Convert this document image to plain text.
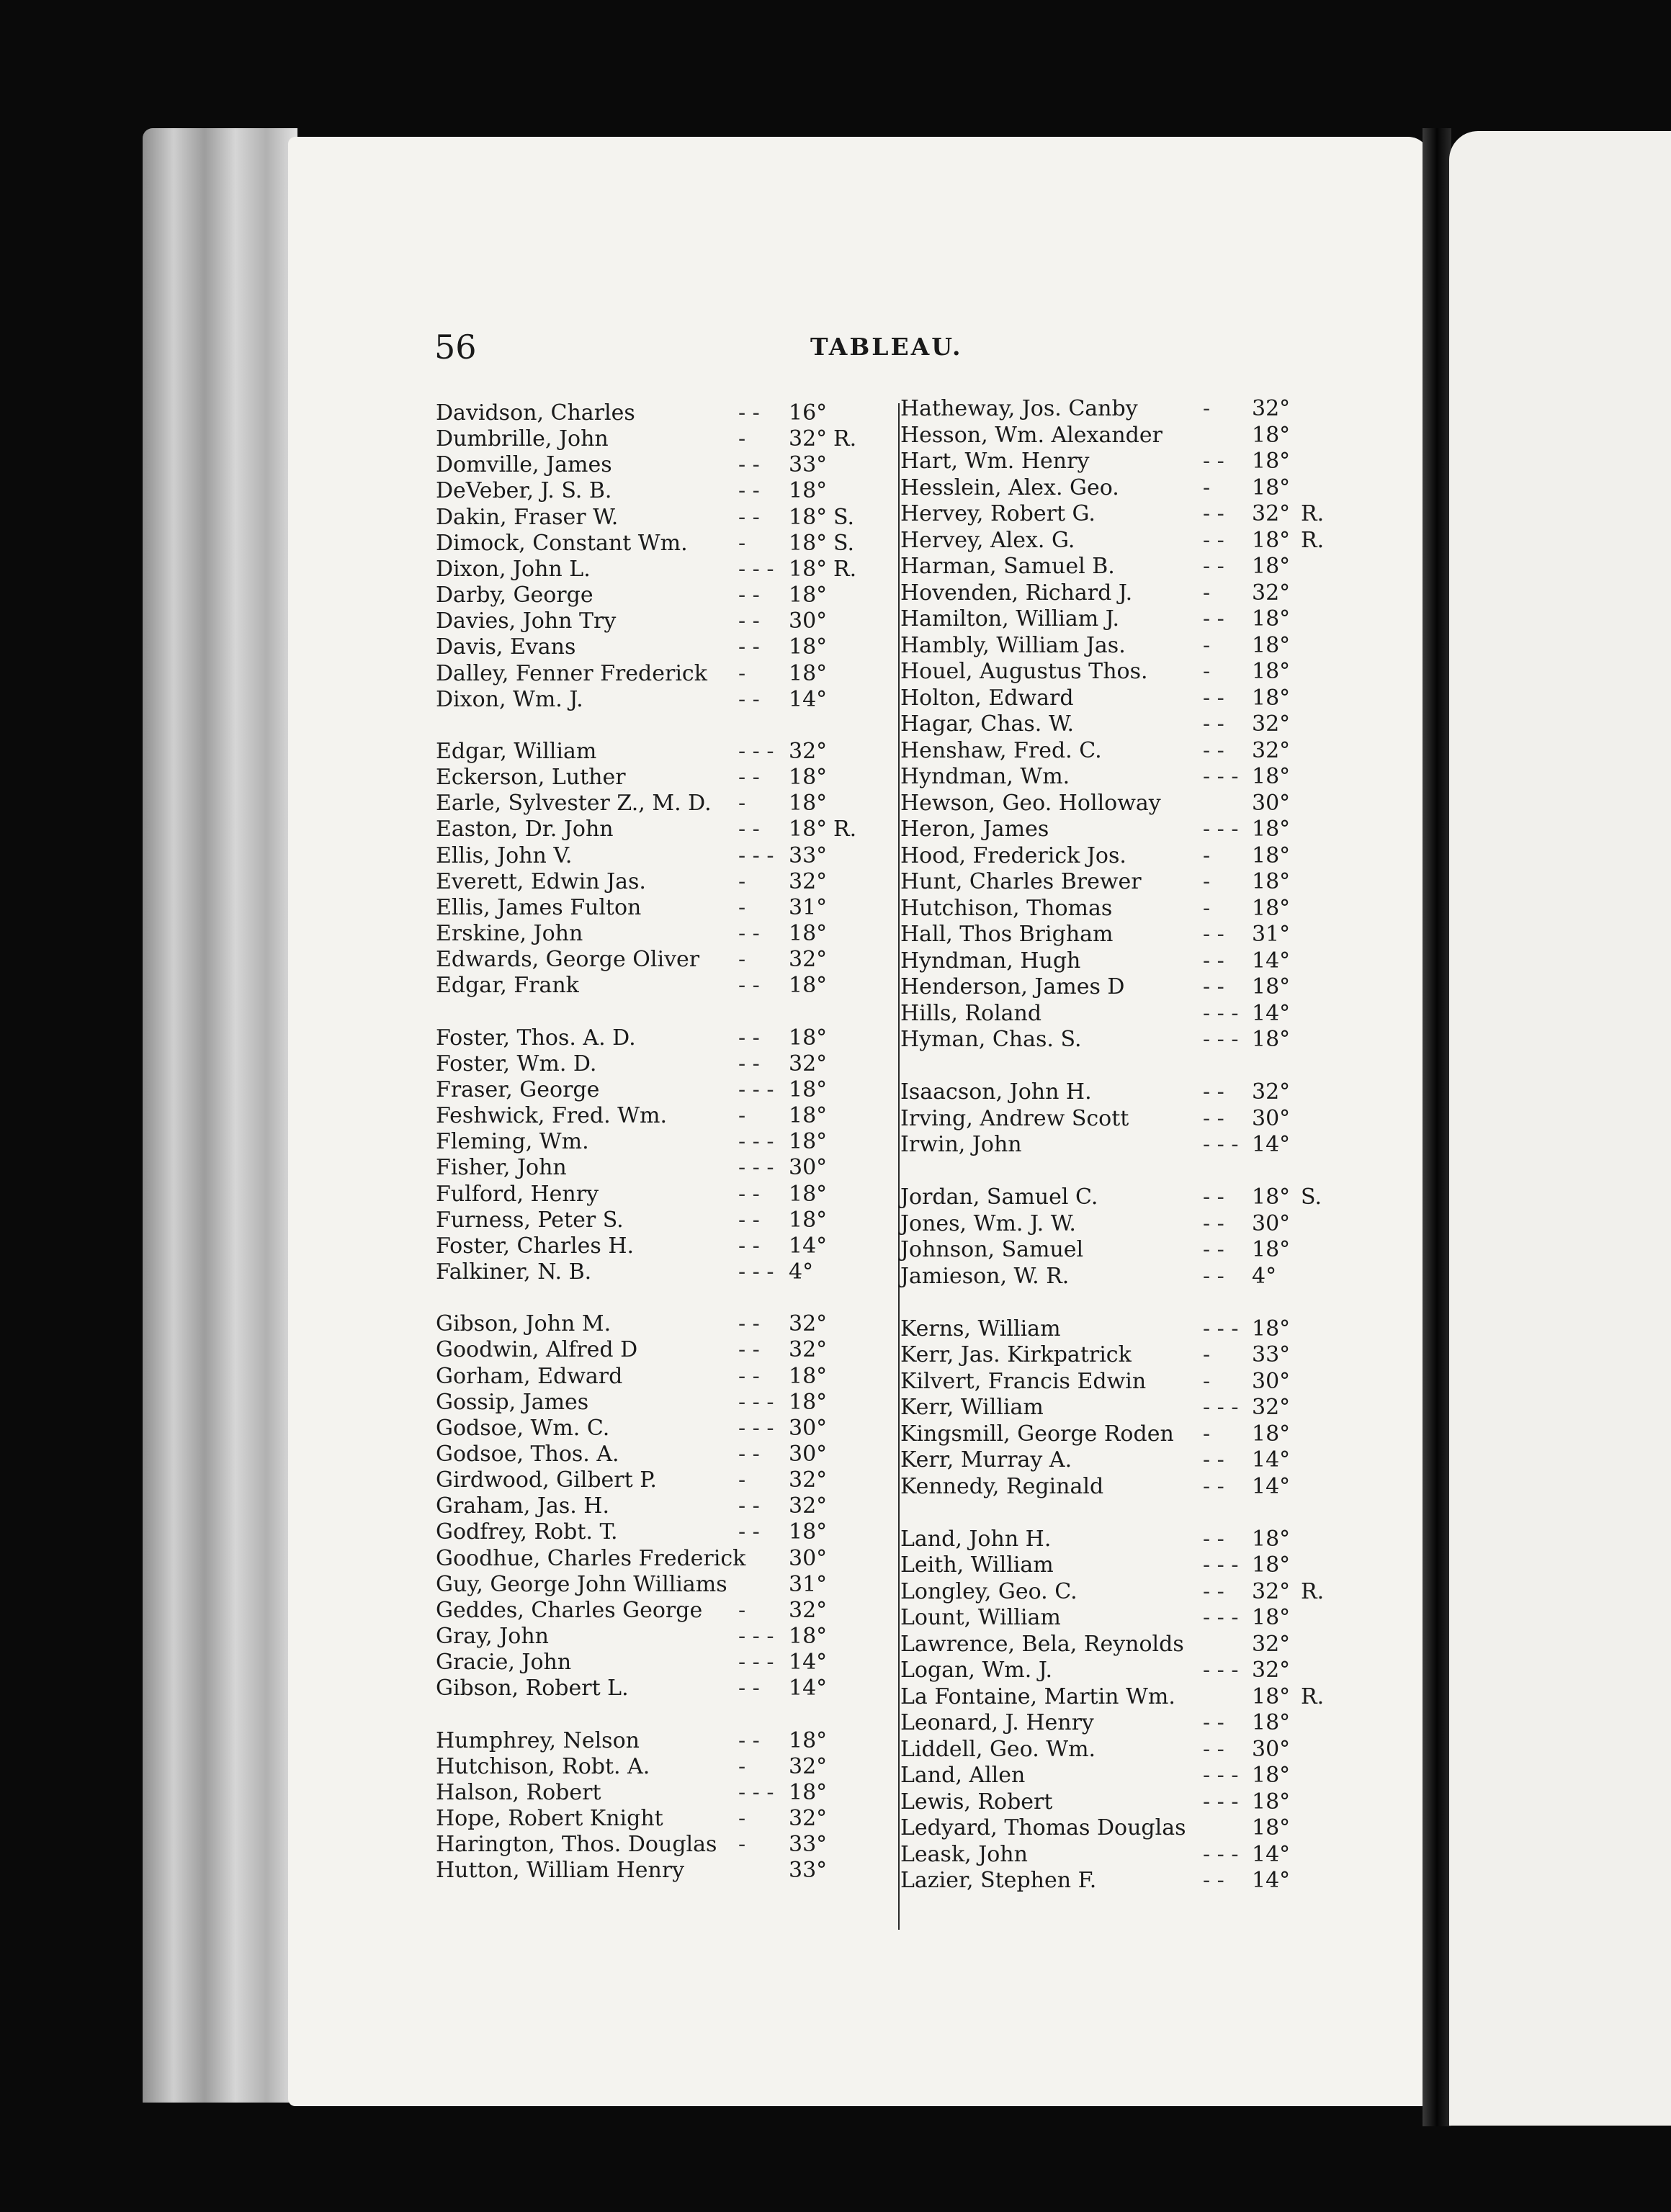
56	TABLEAU.
Davidson, Charles	- - 16°
Dumbrille, John	- 32° R.
Domville, James	- - 33°
DeVeber, J. S. B.	- - 18°
Dakin, Fraser W.	- - 18° S.
Dimock, Constant Wm. - 18° S.
Dixon, John L.	- - - 18° R.
Darby, George	- - 18°
Davies, John Try	- - 30°
Davis, Evans	- - 18°
Dalley, Fenner Frederick - 18°
Dixon, Wm. J.	- - 14°
Edgar, William	- - - 32°
Eckerson, Luther	- - 18°
Earle, Sylvester Z., M. D. - 18°
Easton, Dr. John	- - 18° R.
Ellis, John V.	- - - 33°
Everett, Edwin Jas.	- 32°
Ellis, James Fulton	- 31°
Erskine, John	- - 18°
Edwards, George Oliver - 32°
Edgar, Frank	- - 18°
Foster, Thos. A. D.	- - 18°
Foster, Wm. D.	- - 32°
Fraser, George	- - - 18°
Feshwick, Fred. Wm.	- 18°
Fleming, Wm.	- - - 18°
Fisher, John	- - - 30°
Fulford, Henry	- - 18°
Furness, Peter S.	- - 18°
Foster, Charles H.	- - 14°
Falkiner, N. B.	- - - 4°
Gibson, John M.	- - 32°
Goodwin, Alfred D	- - 32°
Gorham, Edward	- - 18°
Gossip, James	- - - 18°
Godsoe, Wm. C.	- - - 30°
Godsoe, Thos. A.	- - 30°
Girdwood, Gilbert P.	- 32°
Graham, Jas. H.	- - 32°
Godfrey, Robt. T.	- - 18°
Goodhue, Charles Frederick 30°
Guy, George John Williams	31°
Geddes, Charles George - 32°
Gray, John	- - - 18°
Gracie, John	- - - 14°
Gibson, Robert L.	- - 14°
Humphrey, Nelson	- - 18°
Hutchison, Robt. A.	- 32°
Halson, Robert	- - - 18°
Hope, Robert Knight	- 32°
Harington, Thos. Douglas - 33°
Hutton, William Henry	33°
Hatheway, Jos. Canby	- 32°
Hesson, Wm. Alexander	18°
Hart, Wm. Henry	- - 18°
Hesslein, Alex. Geo.	- 18°
Hervey, Robert G.	- - 32° R.
Hervey, Alex. G.	- - 18° R.
Harman, Samuel B.	- - 18°
Hovenden, Richard J.	- 32°
Hamilton, William J.	- - 18°
Hambly, William Jas.	- 18°
Houel, Augustus Thos.	- 18°
Holton, Edward	- - 18°
Hagar, Chas. W.	- - 32°
Henshaw, Fred. C.	- - 32°
Hyndman, Wm.	- - - 18°
Hewson, Geo. Holloway	30°
Heron, James	- - - 18°
Hood, Frederick Jos.	- 18°
Hunt, Charles Brewer	- 18°
Hutchison, Thomas	- 18°
Hall, Thos Brigham	- - 31°
Hyndman, Hugh	- - 14°
Henderson, James D	- - 18°
Hills, Roland	- - - 14°
Hyman, Chas. S.	- - - 18°
Isaacson, John H.	- - 32°
Irving, Andrew Scott	- - 30°
Irwin, John	- - - 14°
Jordan, Samuel C.	- - 18° S.
Jones, Wm. J. W.	- - 30°
Johnson, Samuel	- - 18°
Jamieson, W. R.	- - 4°
Kerns, William	- - - 18°
Kerr, Jas. Kirkpatrick	- 33°
Kilvert, Francis Edwin	- 30°
Kerr, William	- - - 32°
Kingsmill, George Roden - 18°
Kerr, Murray A.	- - 14°
Kennedy, Reginald	- - 14°
Land, John H.	- - 18°
Leith, William	- - - 18°
Longley, Geo. C.	- - 32° R.
Lount, William	- - - 18°
Lawrence, Bela, Reynolds	32°
Logan, Wm. J.	- - - 32°
La Fontaine, Martin Wm.	18° R.
Leonard, J. Henry	- - 18°
Liddell, Geo. Wm.	- - 30°
Land, Allen	- - - 18°
Lewis, Robert	- - - 18°
Ledyard, Thomas Douglas	18°
Leask, John	- - - 14°
Lazier, Stephen F.	- - 14°
